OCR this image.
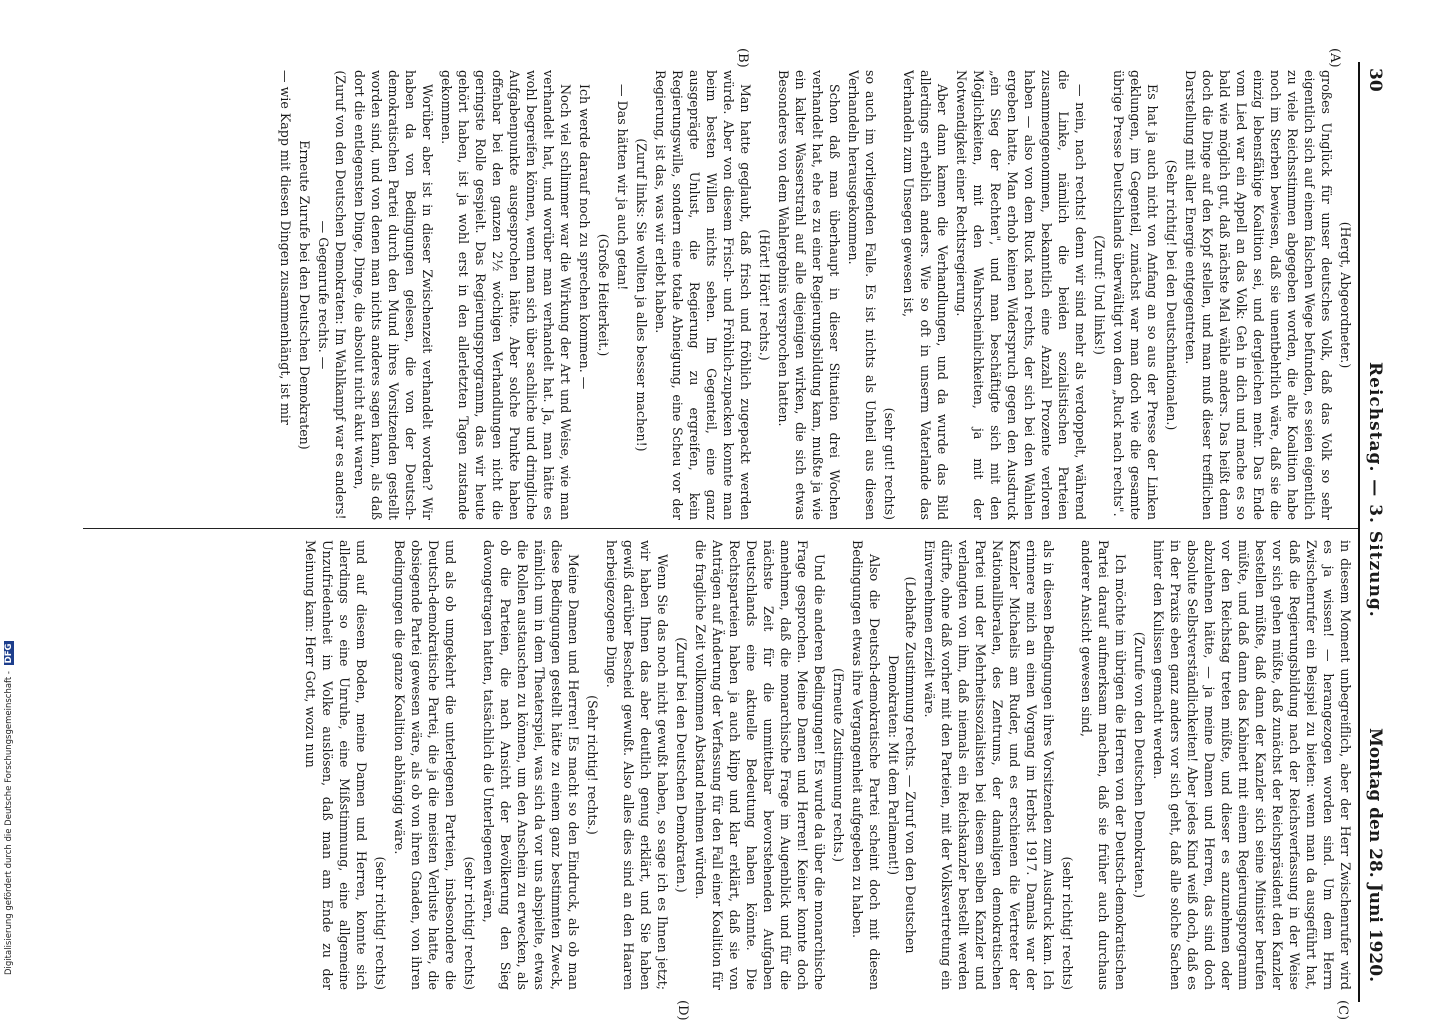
30
Reichstag. — 3. Sitzung.
Montag den 28. Juni 1920.
(A)
(B)
(C)
(D)

(Hergt, Abgeordneter.)

großes Unglück für unser deutsches Volk, daß das Volk so sehr eigentlich sich auf einem falschen Wege befunden, es seien eigentlich zu viele Reichsstimmen abgegeben worden, die alte Koalition habe noch im Sterben bewiesen, daß sie unentbehrlich wäre, daß sie die einzig lebensfähige Koalition sei, und dergleichen mehr. Das Ende vom Lied war ein Appell an das Volk: Geh in dich und mache es so bald wie möglich gut, daß nächste Mal wähle anders. Das heißt denn doch die Dinge auf den Kopf stellen, und man muß dieser trefflichen Darstellung mit aller Energie entgegentreten.

(Sehr richtig! bei den Deutschnationalen.)

Es hat ja auch nicht von Anfang an so aus der Presse der Linken geklungen, im Gegenteil, zunächst war man doch wie die gesamte übrige Presse Deutschlands überwältigt von dem „Ruck nach rechts".

(Zuruf: Und links!)

— nein, nach rechts! denn wir sind mehr als verdoppelt, während die Linke, nämlich die beiden sozialistischen Parteien zusammengenommen, bekanntlich eine Anzahl Prozente verloren haben — also von dem Ruck nach rechts, der sich bei den Wahlen ergeben hatte. Man erhob keinen Widerspruch gegen den Ausdruck „ein Sieg der Rechten", und man beschäftigte sich mit den Möglichkeiten, mit den Wahrscheinlichkeiten, ja mit der Notwendigkeit einer Rechtsregierung.

Aber dann kamen die Verhandlungen, und da wurde das Bild allerdings erheblich anders. Wie so oft in unserm Vaterlande das Verhandeln zum Unsegen gewesen ist,

(sehr gut! rechts)

so auch im vorliegenden Falle. Es ist nichts als Unheil aus diesen Verhandeln herausgekommen.

Schon daß man überhaupt in dieser Situation drei Wochen verhandelt hat, ehe es zu einer Regierungsbildung kam, mußte ja wie ein kalter Wasserstrahl auf alle diejenigen wirken, die sich etwas Besonderes von dem Wahlergebnis versprochen hatten.

(Hört! Hört! rechts.)

Man hatte geglaubt, daß frisch und fröhlich zugepackt werden würde. Aber von diesem Frisch- und Fröhlich-zupacken konnte man beim besten Willen nichts sehen. Im Gegenteil, eine ganz ausgeprägte Unlust, die Regierung zu ergreifen, kein Regierungswille, sondern eine totale Abneigung, eine Scheu vor der Regierung, ist das, was wir erlebt haben.

(Zuruf links: Sie wollten ja alles besser machen!)

— Das hätten wir ja auch getan!

(Große Heiterkeit.)

Ich werde darauf noch zu sprechen kommen. —

Noch viel schlimmer war die Wirkung der Art und Weise, wie man verhandelt hat, und worüber man verhandelt hat. Ja, man hätte es wohl begreifen können, wenn man sich über sachliche und dringliche Aufgabenpunkte ausgesprochen hätte. Aber solche Punkte haben offenbar bei den ganzen 2½ wöchigen Verhandlungen nicht die geringste Rolle gespielt. Das Regierungsprogramm, das wir heute gehört haben, ist ja wohl erst in den allerletzten Tagen zustande gekommen.

Worüber aber ist in dieser Zwischenzeit verhandelt worden? Wir haben da von Bedingungen gelesen, die von der Deutsch-demokratischen Partei durch den Mund ihres Vorsitzenden gestellt worden sind, und von denen man nichts anderes sagen kann, als daß dort die entlegensten Dinge, Dinge, die absolut nicht akut waren,

(Zuruf von den Deutschen Demokraten: Im Wahlkampf war es anders! — Gegenrufe rechts. —

Erneute Zurufe bei den Deutschen Demokraten)

— wie Kapp mit diesen Dingen zusammenhängt, ist mir

in diesem Moment unbegreiflich, aber der Herr Zwischenrufer wird es ja wissen! — herangezogen worden sind. Um dem Herrn Zwischenrufer ein Beispiel zu bieten: wenn man da ausgeführt hat, daß die Regierungsbildung nach der Reichsverfassung in der Weise vor sich gehen müßte, daß zunächst der Reichspräsident den Kanzler bestellen müßte, daß dann der Kanzler sich seine Minister berufen müßte, und daß dann das Kabinett mit einem Regierungsprogramm vor den Reichstag treten müßte, und dieser es anzunehmen oder abzulehnen hätte, — ja meine Damen und Herren, das sind doch absolute Selbstverständlichkeiten! Aber jedes Kind weiß doch, daß es in der Praxis eben ganz anders vor sich geht, daß alle solche Sachen hinter den Kulissen gemacht werden.

(Zurufe von den Deutschen Demokraten.)

Ich möchte im übrigen die Herren von der Deutsch-demokratischen Partei darauf aufmerksam machen, daß sie früher auch durchaus anderer Ansicht gewesen sind,

(sehr richtig! rechts)

als in diesen Bedingungen ihres Vorsitzenden zum Ausdruck kam. Ich erinnere mich an einen Vorgang im Herbst 1917. Damals war der Kanzler Michaelis am Ruder, und es erschienen die Vertreter der Nationalliberalen, des Zentrums, der damaligen demokratischen Partei und der Mehrheitssozialisten bei diesem selben Kanzler und verlangten von ihm, daß niemals ein Reichskanzler bestellt werden dürfte, ohne daß vorher mit den Parteien, mit der Volksvertretung ein Einvernehmen erzielt wäre.

(Lebhafte Zustimmung rechts. — Zuruf von den Deutschen Demokraten: Mit dem Parlament!)

Also die Deutsch-demokratische Partei scheint doch mit diesen Bedingungen etwas ihre Vergangenheit aufgegeben zu haben.

(Erneute Zustimmung rechts.)

Und die anderen Bedingungen! Es wurde da über die monarchische Frage gesprochen. Meine Damen und Herren! Keiner konnte doch annehmen, daß die monarchische Frage im Augenblick und für die nächste Zeit für die unmittelbar bevorstehenden Aufgaben Deutschlands eine aktuelle Bedeutung haben könnte. Die Rechtsparteien haben ja auch klipp und klar erklärt, daß sie von Anträgen auf Änderung der Verfassung für den Fall einer Koalition für die fragliche Zeit vollkommen Abstand nehmen würden.

(Zuruf bei den Deutschen Demokraten.)

Wenn Sie das noch nicht gewußt haben, so sage ich es Ihnen jetzt; wir haben Ihnen das aber deutlich genug erklärt, und Sie haben gewiß darüber Bescheid gewußt. Also alles dies sind an den Haaren herbeigezogene Dinge.

(Sehr richtig! rechts.)

Meine Damen und Herren! Es macht so den Eindruck, als ob man diese Bedingungen gestellt hätte zu einem ganz bestimmten Zweck, nämlich um in dem Theaterspiel, was sich da vor uns abspielte, etwas die Rollen austauschen zu können, um den Anschein zu erwecken, als ob die Parteien, die nach Ansicht der Bevölkerung den Sieg davongetragen hatten, tatsächlich die Unterlegenen wären,

(sehr richtig! rechts)

und als ob umgekehrt die unterlegenen Parteien, insbesondere die Deutsch-demokratische Partei, die ja die meisten Verluste hatte, die obsiegende Partei gewesen wäre, als ob von ihren Gnaden, von ihren Bedingungen die ganze Koalition abhängig wäre.

(sehr richtig! rechts)

und auf diesem Boden, meine Damen und Herren, konnte sich allerdings so eine Unruhe, eine Mißstimmung, eine allgemeine Unzufriedenheit im Volke auslösen, daß man am Ende zu der Meinung kam: Herr Gott, wozu nun

Digitalisierung gefördert durch die Deutsche Forschungsgemeinschaft - DFG
